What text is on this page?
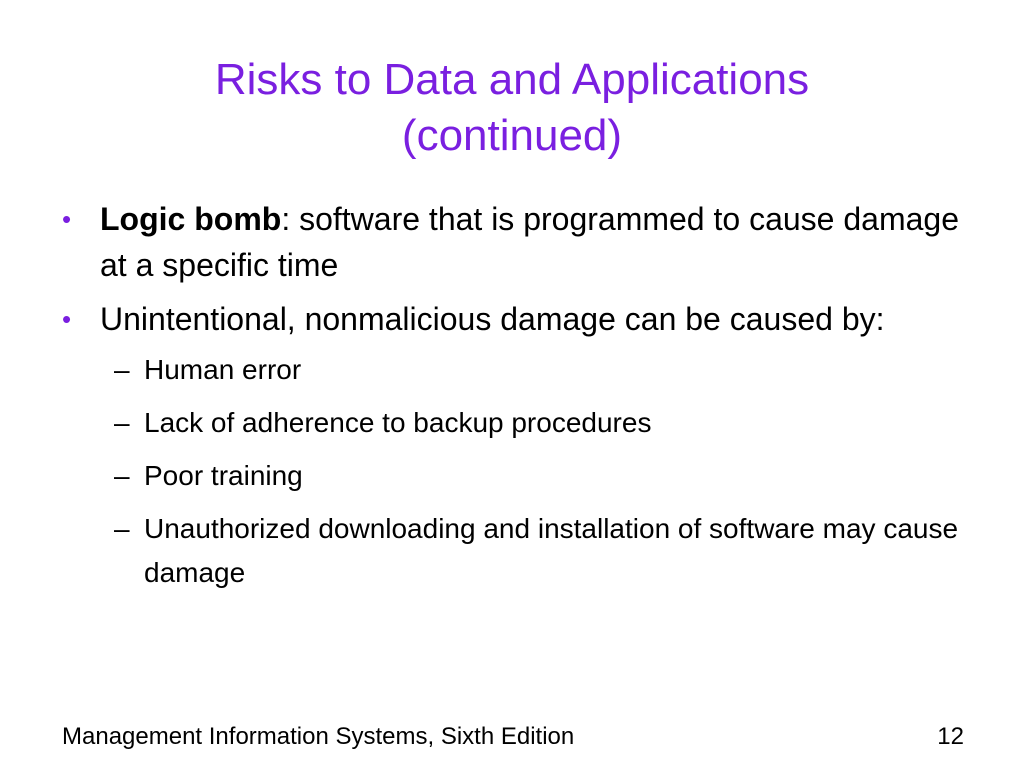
Risks to Data and Applications
(continued)
• Logic bomb: software that is programmed to cause damage at a specific time
• Unintentional, nonmalicious damage can be caused by:
– Human error
– Lack of adherence to backup procedures
– Poor training
– Unauthorized downloading and installation of software may cause damage
Management Information Systems, Sixth Edition	12
